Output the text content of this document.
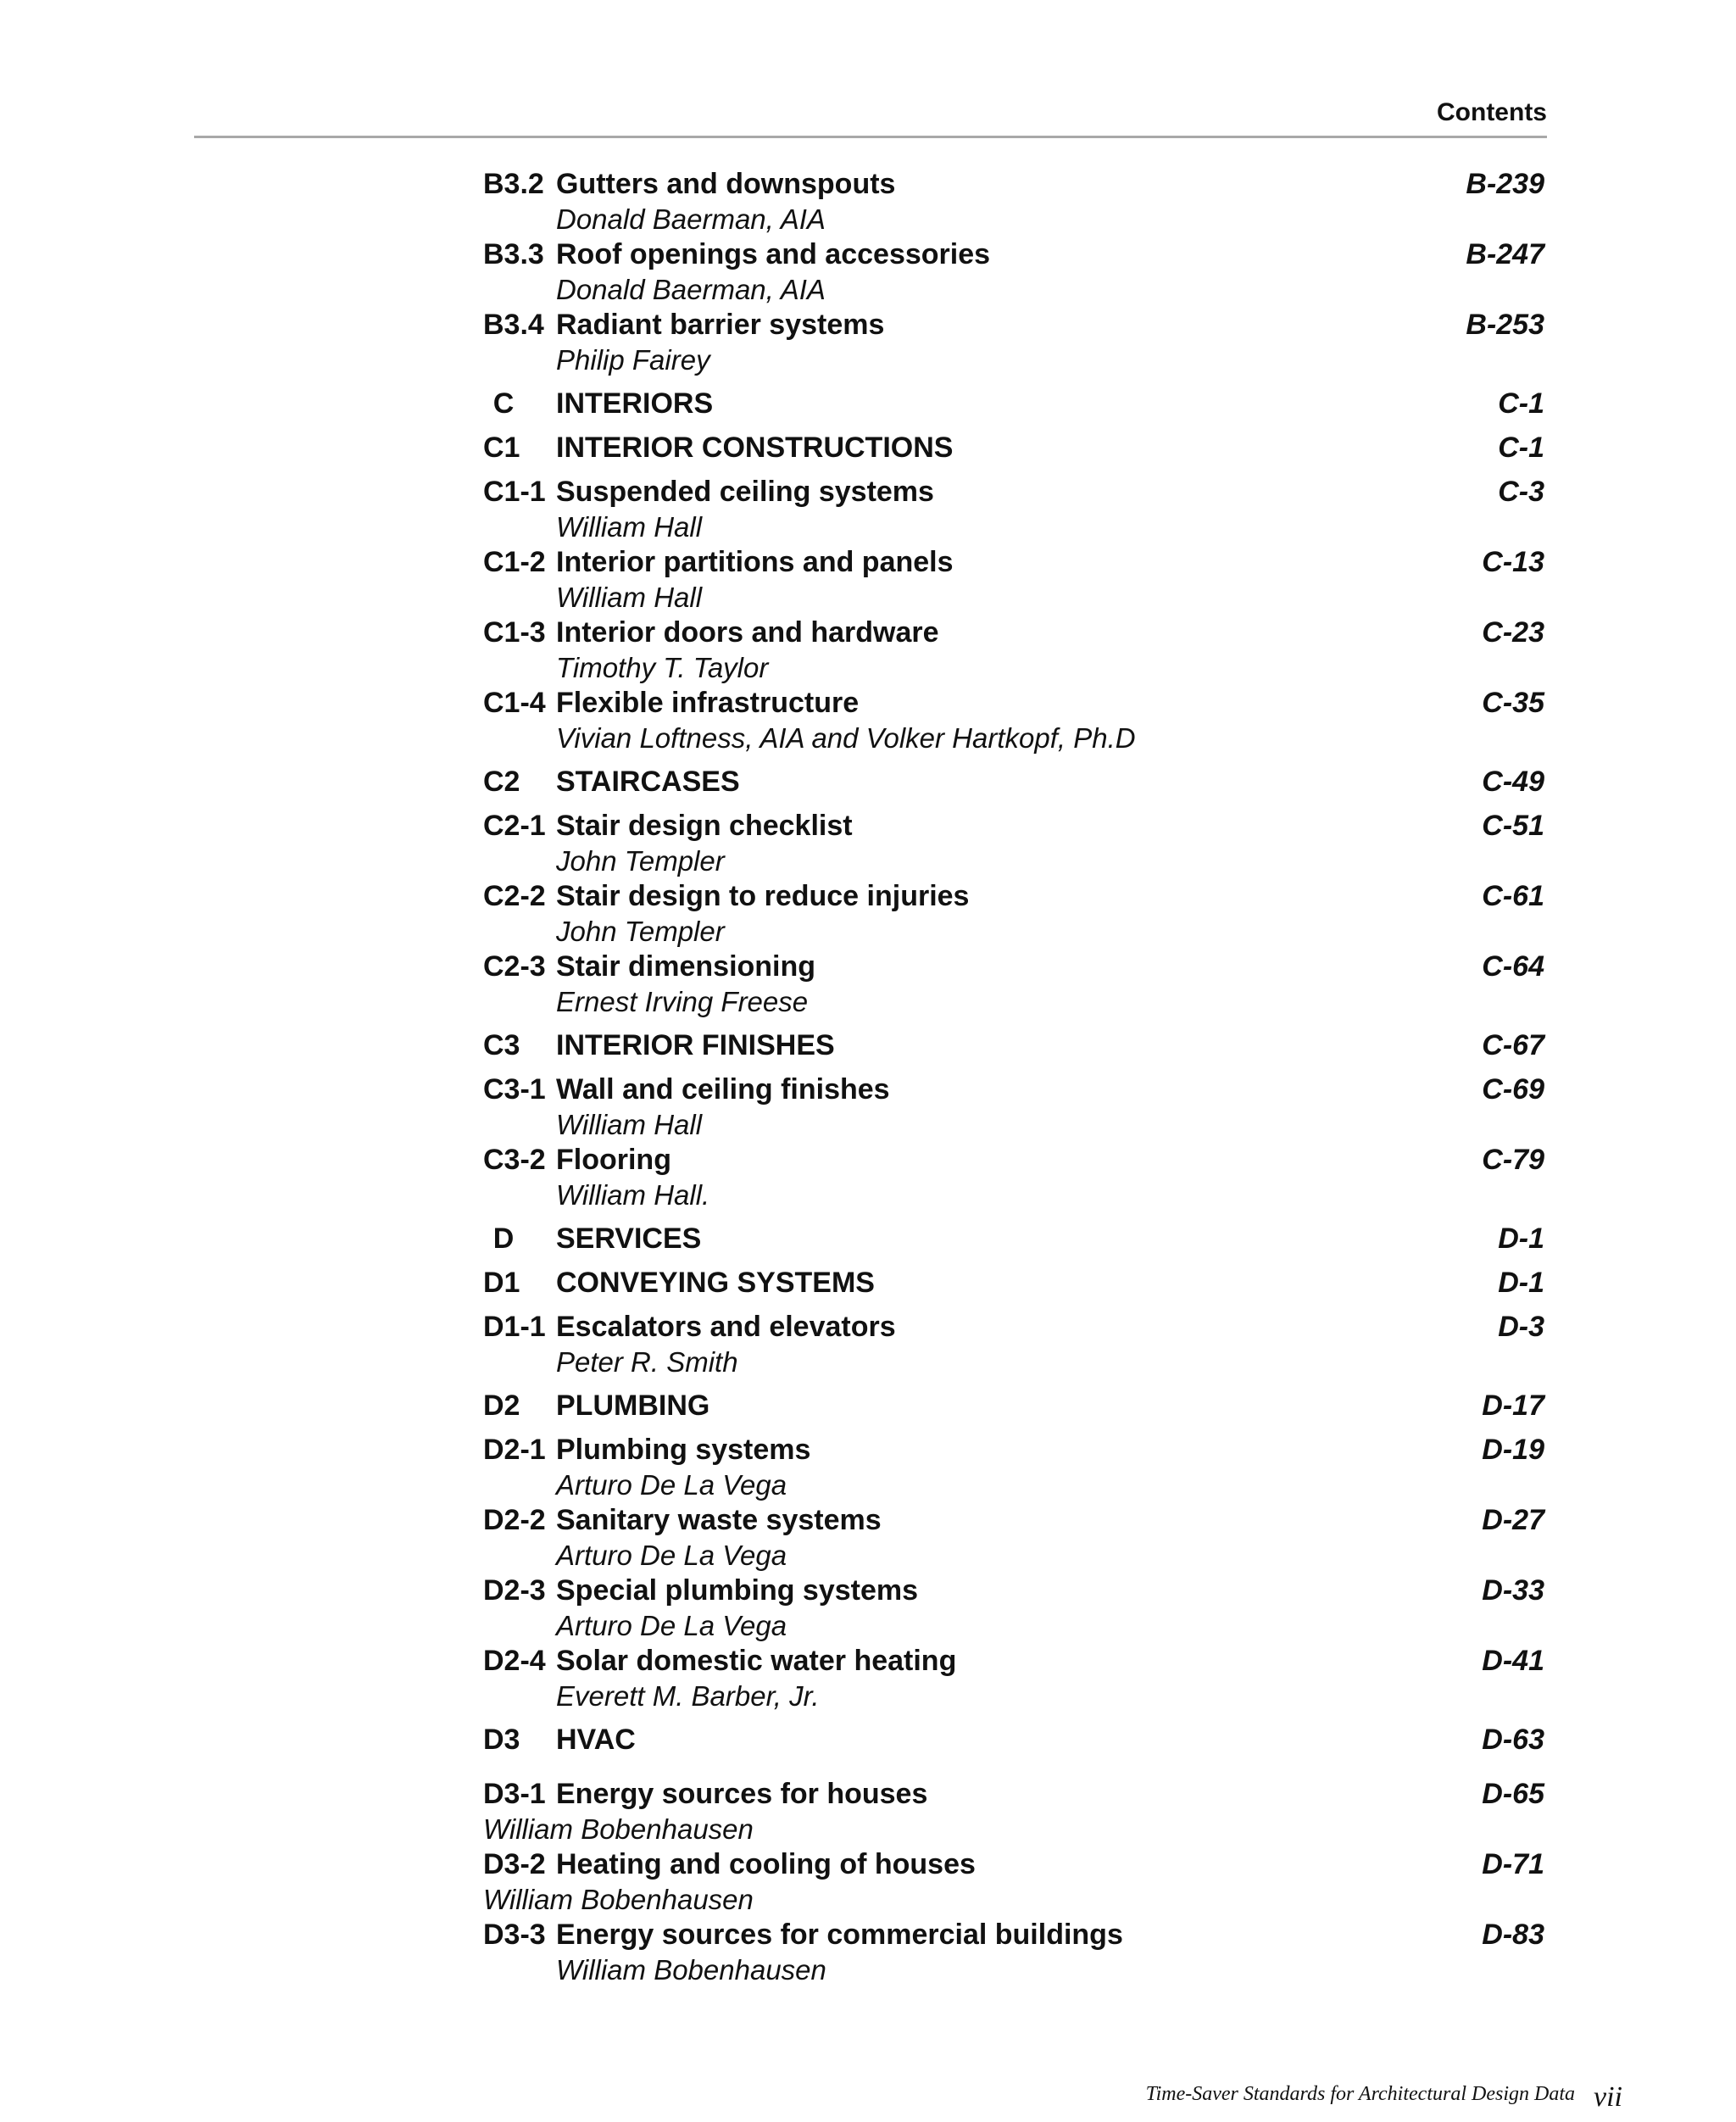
Contents
B3.2 Gutters and downspouts	B-239
Donald Baerman, AIA
B3.3 Roof openings and accessories	B-247
Donald Baerman, AIA
B3.4 Radiant barrier systems	B-253
Philip Fairey
C	INTERIORS	C-1
C1 INTERIOR CONSTRUCTIONS	C-1
C1-1 Suspended ceiling systems	C-3
William Hall
C1-2 Interior partitions and panels	C-13
William Hall
C1-3 Interior doors and hardware	C-23
Timothy T. Taylor
C1-4 Flexible infrastructure	C-35
Vivian Loftness, AIA and Volker Hartkopf, Ph.D
C2 STAIRCASES	C-49
C2-1 Stair design checklist	C-51
John Templer
C2-2 Stair design to reduce injuries	C-61
John Templer
C2-3 Stair dimensioning	C-64
Ernest Irving Freese
C3 INTERIOR FINISHES	C-67
C3-1 Wall and ceiling finishes	C-69
William Hall
C3-2 Flooring	C-79
William Hall.
D	SERVICES	D-1
D1 CONVEYING SYSTEMS	D-1
D1-1 Escalators and elevators	D-3
Peter R. Smith
D2 PLUMBING	D-17
D2-1 Plumbing systems	D-19
Arturo De La Vega
D2-2 Sanitary waste systems	D-27
Arturo De La Vega
D2-3 Special plumbing systems	D-33
Arturo De La Vega
D2-4 Solar domestic water heating	D-41
Everett M. Barber, Jr.
D3 HVAC	D-63
D3-1 Energy sources for houses	D-65
William Bobenhausen
D3-2 Heating and cooling of houses	D-71
William Bobenhausen
D3-3 Energy sources for commercial buildings	D-83
William Bobenhausen
Time-Saver Standards for Architectural Design Data vii
